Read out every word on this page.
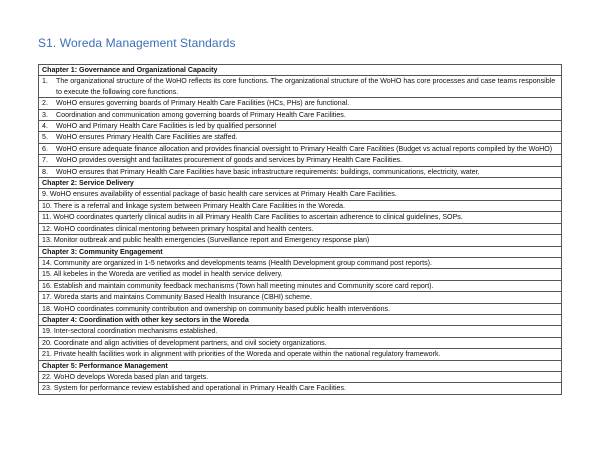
S1. Woreda Management Standards
Chapter 1: Governance and Organizational Capacity
1. The organizational structure of the WoHO reflects its core functions. The organizational structure of the WoHO has core processes and case teams responsible to execute the following core functions.
2. WoHO ensures governing boards of Primary Health Care Facilities (HCs, PHs) are functional.
3. Coordination and communication among governing boards of Primary Health Care Facilities.
4. WoHO and Primary Health Care Facilities is led by qualified personnel
5. WoHO ensures Primary Health Care Facilities are staffed.
6. WoHO ensure adequate finance allocation and provides financial oversight to Primary Health Care Facilities (Budget vs actual reports compiled by the WoHO)
7. WoHO provides oversight and facilitates procurement of goods and services by Primary Health Care Facilities.
8. WoHO ensures that Primary Health Care Facilities have basic infrastructure requirements: buildings, communications, electricity, water.
Chapter 2: Service Delivery
9. WoHO ensures availability of essential package of basic health care services at Primary Health Care Facilities.
10. There is a referral and linkage system between Primary Health Care Facilities in the Woreda.
11. WoHO coordinates quarterly clinical audits in all Primary Health Care Facilities to ascertain adherence to clinical guidelines, SOPs.
12. WoHO coordinates clinical mentoring between primary hospital and health centers.
13. Monitor outbreak and public health emergencies (Surveillance report and Emergency response plan)
Chapter 3: Community Engagement
14. Community are organized in 1-5 networks and developments teams (Health Development group command post reports).
15. All kebeles in the Woreda are verified as model in health service delivery.
16. Establish and maintain community feedback mechanisms (Town hall meeting minutes and Community score card report).
17. Woreda starts and maintains Community Based Health Insurance (CBHI) scheme.
18. WoHO coordinates community contribution and ownership on community based public health interventions.
Chapter 4: Coordination with other key sectors in the Woreda
19. Inter-sectoral coordination mechanisms established.
20. Coordinate and align activities of development partners, and civil society organizations.
21. Private health facilities work in alignment with priorities of the Woreda and operate within the national regulatory framework.
Chapter 5: Performance Management
22. WoHO develops Woreda based plan and targets.
23. System for performance review established and operational in Primary Health Care Facilities.
